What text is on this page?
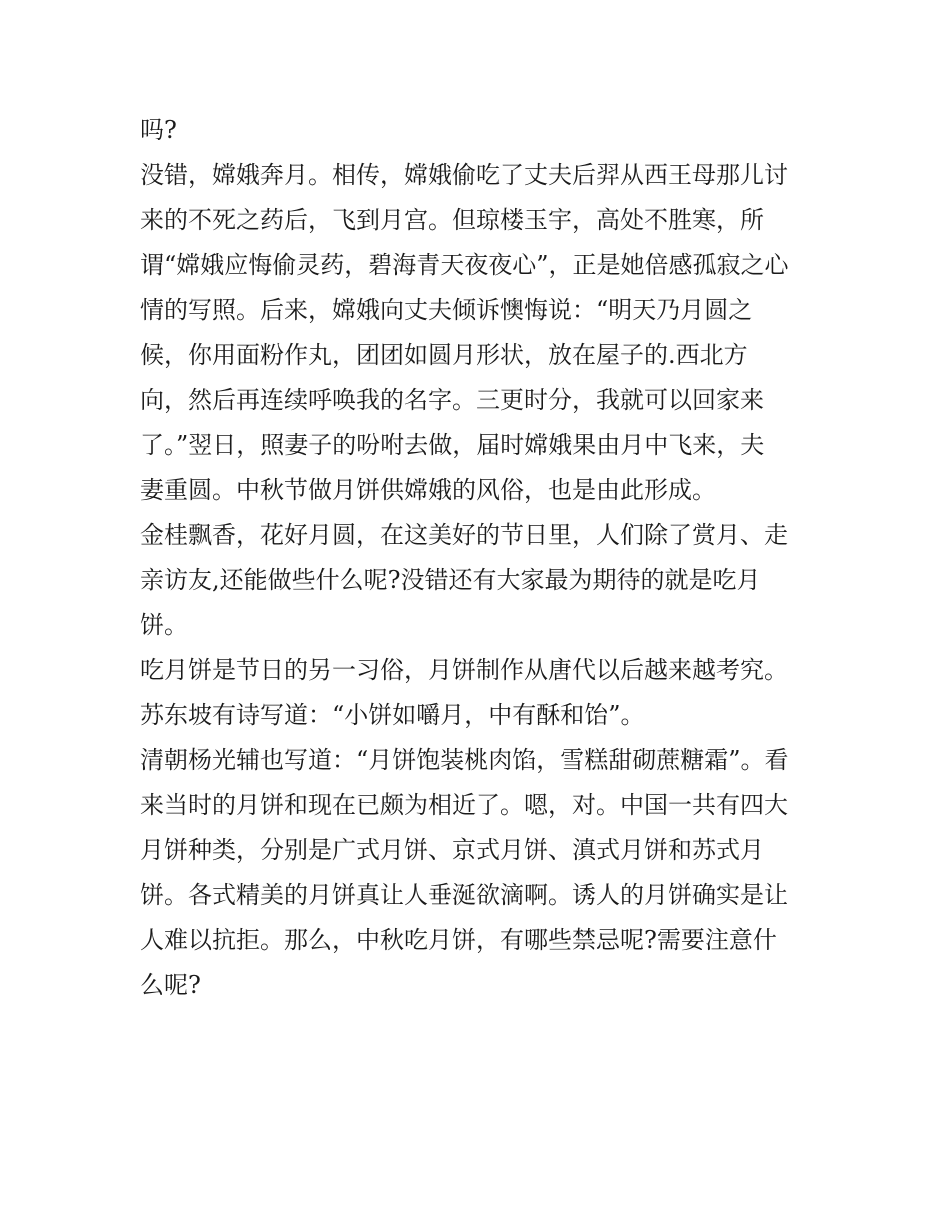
吗?
没错，嫦娥奔月。相传，嫦娥偷吃了丈夫后羿从西王母那儿讨
来的不死之药后，飞到月宫。但琼楼玉宇，高处不胜寒，所
谓“嫦娥应悔偷灵药，碧海青天夜夜心”，正是她倍感孤寂之心
情的写照。后来，嫦娥向丈夫倾诉懊悔说：“明天乃月圆之
候，你用面粉作丸，团团如圆月形状，放在屋子的.西北方
向，然后再连续呼唤我的名字。三更时分，我就可以回家来
了。”翌日，照妻子的吩咐去做，届时嫦娥果由月中飞来，夫
妻重圆。中秋节做月饼供嫦娥的风俗，也是由此形成。
金桂飘香，花好月圆，在这美好的节日里，人们除了赏月、走
亲访友,还能做些什么呢?没错还有大家最为期待的就是吃月
饼。
吃月饼是节日的另一习俗，月饼制作从唐代以后越来越考究。
苏东坡有诗写道：“小饼如嚼月，中有酥和饴”。
清朝杨光辅也写道：“月饼饱装桃肉馅，雪糕甜砌蔗糖霜”。看
来当时的月饼和现在已颇为相近了。嗯，对。中国一共有四大
月饼种类，分别是广式月饼、京式月饼、滇式月饼和苏式月
饼。各式精美的月饼真让人垂涎欲滴啊。诱人的月饼确实是让
人难以抗拒。那么，中秋吃月饼，有哪些禁忌呢?需要注意什
么呢?
